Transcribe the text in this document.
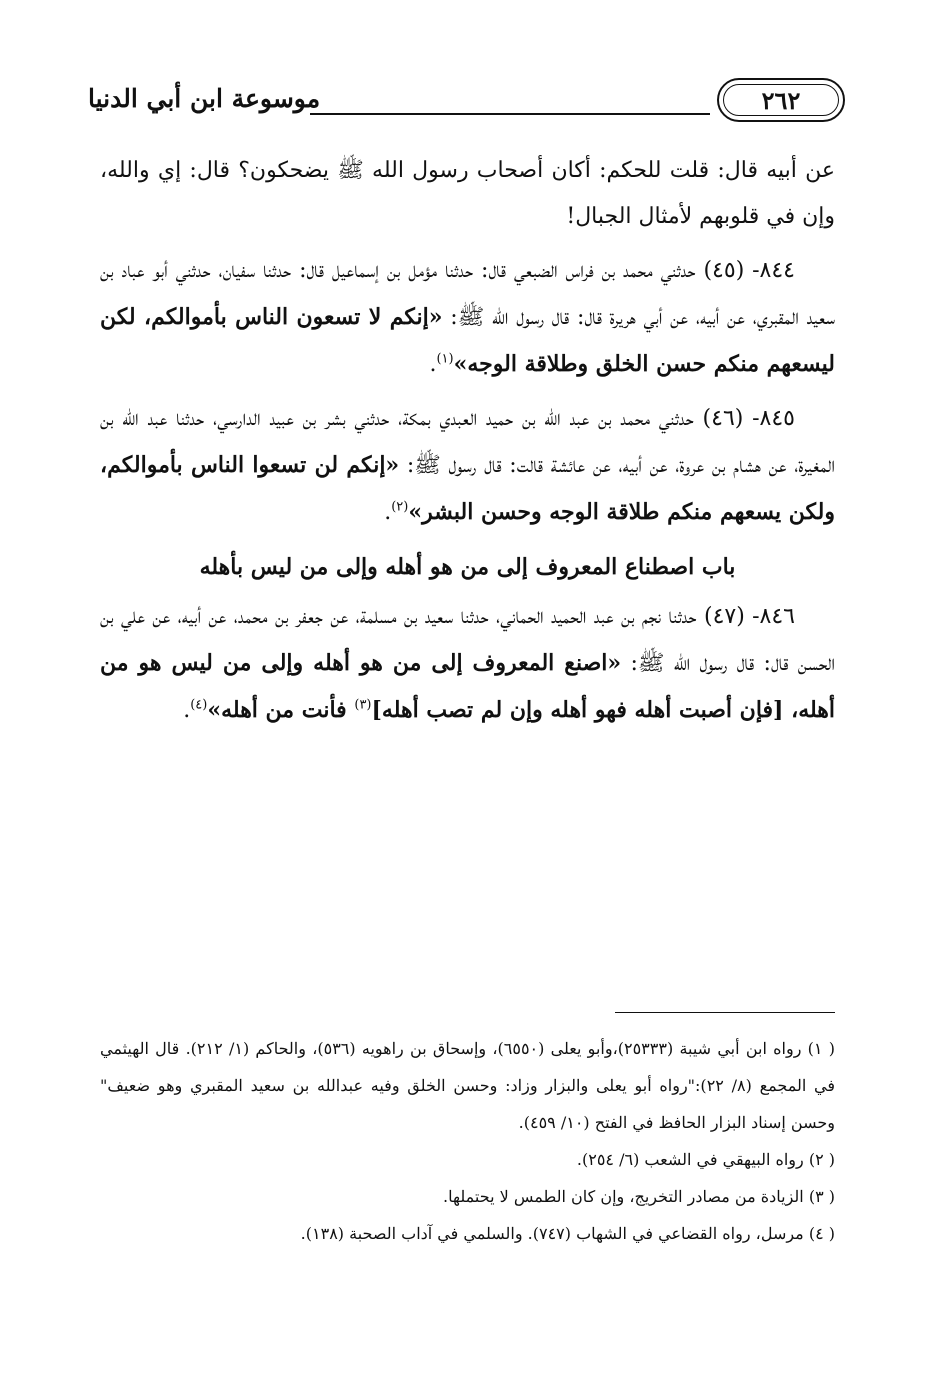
موسوعة ابن أبي الدنيا	٢٦٢

عن أبيه قال: قلت للحكم: أكان أصحاب رسول الله ﷺ يضحكون؟ قال: إي والله، وإن في قلوبهم لأمثال الجبال!

٨٤٤- (٤٥) حدثني محمد بن فراس الضبعي قال: حدثنا مؤمل بن إسماعيل قال: حدثنا سفيان، حدثني أبو عباد بن سعيد المقبري، عن أبيه، عن أبي هريرة قال: قال رسول الله ﷺ: «إنكم لا تسعون الناس بأموالكم، لكن ليسعهم منكم حسن الخلق وطلاقة الوجه»$^{(١)}$.

٨٤٥- (٤٦) حدثني محمد بن عبد الله بن حميد العبدي بمكة، حدثني بشر بن عبيد الدارسي، حدثنا عبد الله بن المغيرة، عن هشام بن عروة، عن أبيه، عن عائشة قالت: قال رسول ﷺ: «إنكم لن تسعوا الناس بأموالكم، ولكن يسعهم منكم طلاقة الوجه وحسن البشر»$^{(٢)}$.

باب اصطناع المعروف إلى من هو أهله وإلى من ليس بأهله

٨٤٦- (٤٧) حدثنا نجم بن عبد الحميد الحماني، حدثنا سعيد بن مسلمة، عن جعفر بن محمد، عن أبيه، عن علي بن الحسن قال: قال رسول الله ﷺ: «اصنع المعروف إلى من هو أهله وإلى من ليس هو من أهله، [فإن أصبت أهله فهو أهله وإن لم تصب أهله]$^{(٣)}$ فأنت من أهله»$^{(٤)}$.

( ١) رواه ابن أبي شيبة (٢٥٣٣٣)،وأبو يعلى (٦٥٥٠)، وإسحاق بن راهويه (٥٣٦)، والحاكم (١/ ٢١٢). قال الهيثمي في المجمع (٨/ ٢٢):"رواه أبو يعلى والبزار وزاد: وحسن الخلق وفيه عبدالله بن سعيد المقبري وهو ضعيف" وحسن إسناد البزار الحافظ في الفتح (١٠/ ٤٥٩).

( ٢) رواه البيهقي في الشعب (٦/ ٢٥٤).

( ٣) الزيادة من مصادر التخريج، وإن كان الطمس لا يحتملها.

( ٤) مرسل، رواه القضاعي في الشهاب (٧٤٧). والسلمي في آداب الصحبة (١٣٨).
